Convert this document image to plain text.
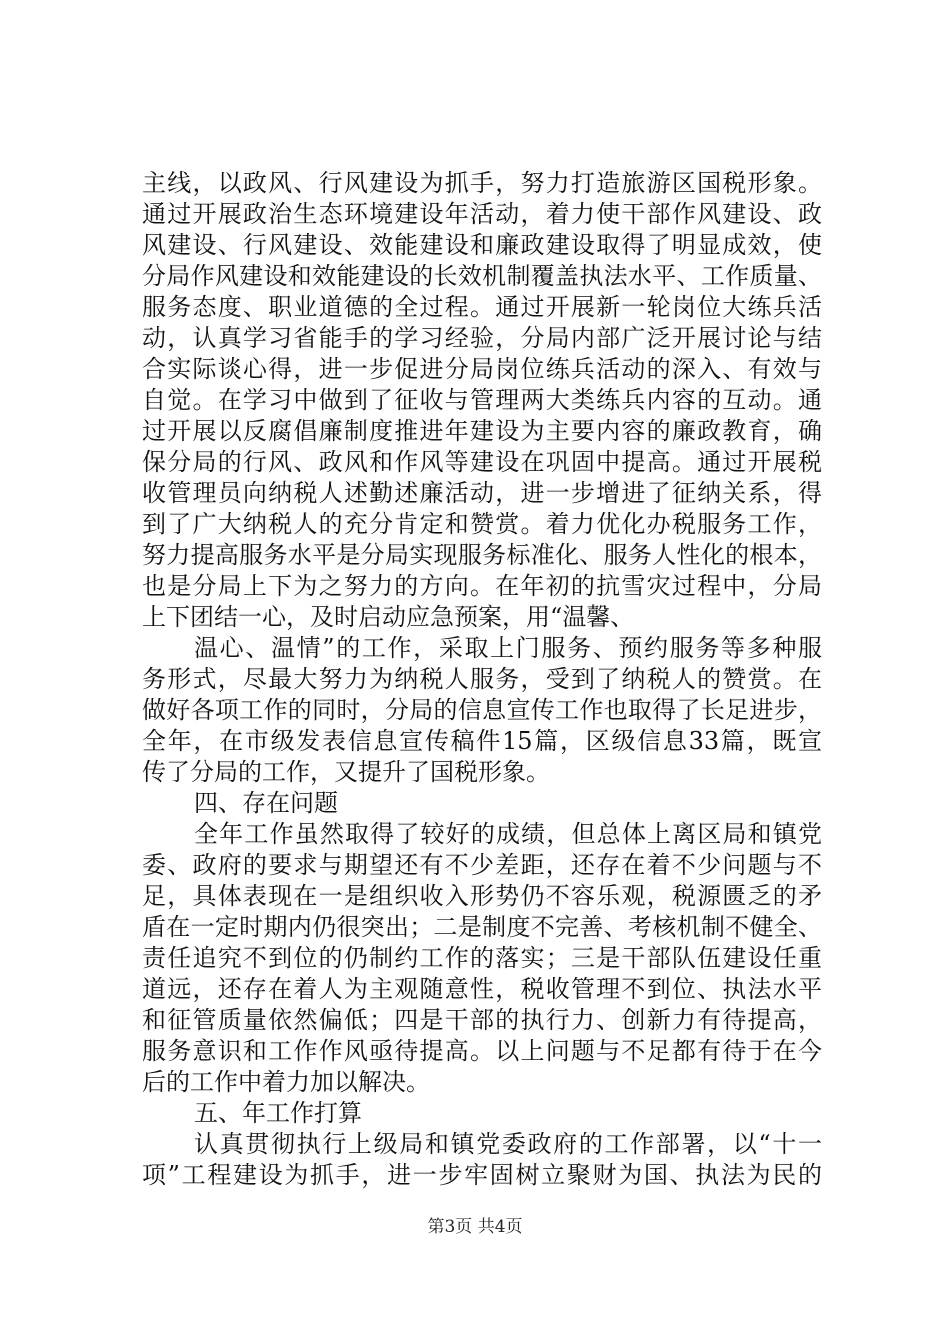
主线，以政风、行风建设为抓手，努力打造旅游区国税形象。
通过开展政治生态环境建设年活动，着力使干部作风建设、政
风建设、行风建设、效能建设和廉政建设取得了明显成效，使
分局作风建设和效能建设的长效机制覆盖执法水平、工作质量、
服务态度、职业道德的全过程。通过开展新一轮岗位大练兵活
动，认真学习省能手的学习经验，分局内部广泛开展讨论与结
合实际谈心得，进一步促进分局岗位练兵活动的深入、有效与
自觉。在学习中做到了征收与管理两大类练兵内容的互动。通
过开展以反腐倡廉制度推进年建设为主要内容的廉政教育，确
保分局的行风、政风和作风等建设在巩固中提高。通过开展税
收管理员向纳税人述勤述廉活动，进一步增进了征纳关系，得
到了广大纳税人的充分肯定和赞赏。着力优化办税服务工作，
努力提高服务水平是分局实现服务标准化、服务人性化的根本，
也是分局上下为之努力的方向。在年初的抗雪灾过程中，分局
上下团结一心，及时启动应急预案，用“温馨、
温心、温情”的工作，采取上门服务、预约服务等多种服
务形式，尽最大努力为纳税人服务，受到了纳税人的赞赏。在
做好各项工作的同时，分局的信息宣传工作也取得了长足进步，
全年，在市级发表信息宣传稿件15篇，区级信息33篇，既宣
传了分局的工作，又提升了国税形象。
四、存在问题
全年工作虽然取得了较好的成绩，但总体上离区局和镇党
委、政府的要求与期望还有不少差距，还存在着不少问题与不
足，具体表现在一是组织收入形势仍不容乐观，税源匮乏的矛
盾在一定时期内仍很突出；二是制度不完善、考核机制不健全、
责任追究不到位的仍制约工作的落实；三是干部队伍建设任重
道远，还存在着人为主观随意性，税收管理不到位、执法水平
和征管质量依然偏低；四是干部的执行力、创新力有待提高，
服务意识和工作作风亟待提高。以上问题与不足都有待于在今
后的工作中着力加以解决。
五、年工作打算
认真贯彻执行上级局和镇党委政府的工作部署，以“十一
项”工程建设为抓手，进一步牢固树立聚财为国、执法为民的
第3页 共4页
